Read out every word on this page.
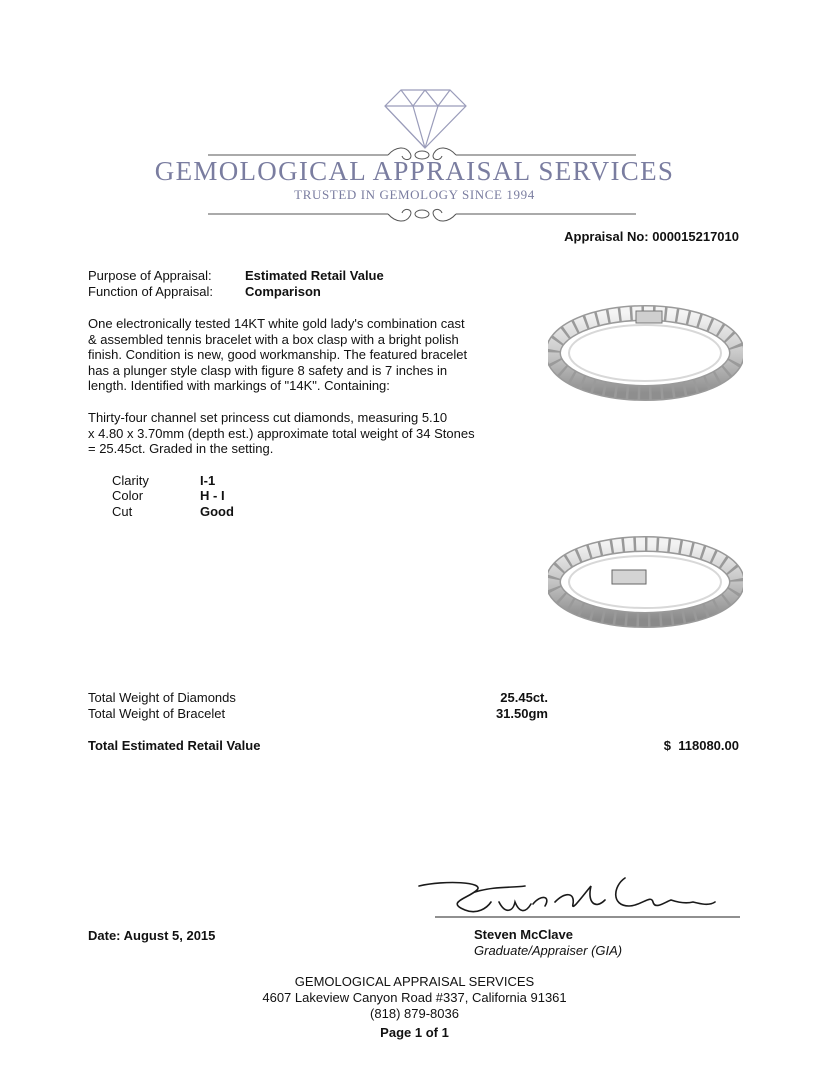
GEMOLOGICAL APPRAISAL SERVICES
TRUSTED IN GEMOLOGY SINCE 1994
Appraisal No: 000015217010
Purpose of Appraisal:	Estimated Retail Value
Function of Appraisal: Comparison
One electronically tested 14KT white gold lady's combination cast
& assembled tennis bracelet with a box clasp with a bright polish
finish. Condition is new, good workmanship. The featured bracelet
has a plunger style clasp with figure 8 safety and is 7 inches in
length. Identified with markings of "14K". Containing:
Thirty-four channel set princess cut diamonds, measuring 5.10
x 4.80 x 3.70mm (depth est.) approximate total weight of 34 Stones
= 25.45ct. Graded in the setting.
Clarity	I-1
Color	H - I
Cut	Good
Total Weight of Diamonds	25.45ct.
Total Weight of Bracelet	31.50gm
Total Estimated Retail Value	$  118080.00
Date: August 5, 2015	Steven McClave
Graduate/Appraiser (GIA)
GEMOLOGICAL APPRAISAL SERVICES
4607 Lakeview Canyon Road #337, California 91361
(818) 879-8036
Page 1 of 1
